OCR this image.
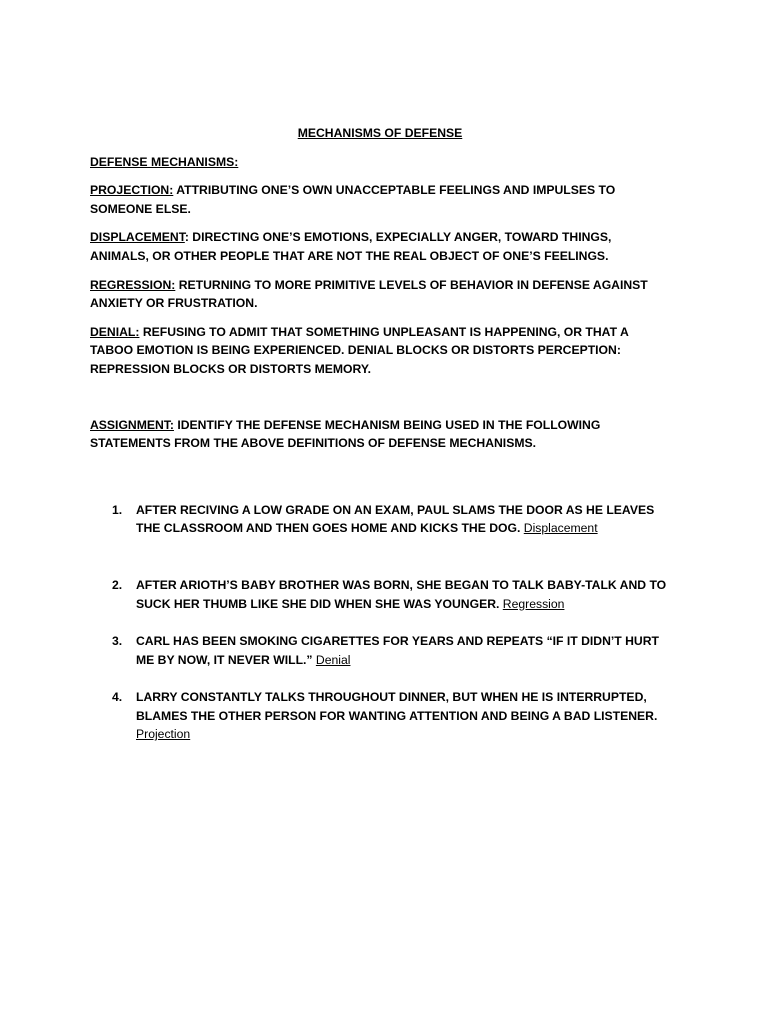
MECHANISMS OF DEFENSE
DEFENSE MECHANISMS:
PROJECTION: ATTRIBUTING ONE’S OWN UNACCEPTABLE FEELINGS AND IMPULSES TO SOMEONE ELSE.
DISPLACEMENT: DIRECTING ONE’S EMOTIONS, EXPECIALLY ANGER, TOWARD THINGS, ANIMALS, OR OTHER PEOPLE THAT ARE NOT THE REAL OBJECT OF ONE’S FEELINGS.
REGRESSION: RETURNING TO MORE PRIMITIVE LEVELS OF BEHAVIOR IN DEFENSE AGAINST ANXIETY OR FRUSTRATION.
DENIAL: REFUSING TO ADMIT THAT SOMETHING UNPLEASANT IS HAPPENING, OR THAT A TABOO EMOTION IS BEING EXPERIENCED. DENIAL BLOCKS OR DISTORTS PERCEPTION: REPRESSION BLOCKS OR DISTORTS MEMORY.
ASSIGNMENT: IDENTIFY THE DEFENSE MECHANISM BEING USED IN THE FOLLOWING STATEMENTS FROM THE ABOVE DEFINITIONS OF DEFENSE MECHANISMS.
1. AFTER RECIVING A LOW GRADE ON AN EXAM, PAUL SLAMS THE DOOR AS HE LEAVES THE CLASSROOM AND THEN GOES HOME AND KICKS THE DOG. Displacement
2. AFTER ARIOTH’S BABY BROTHER WAS BORN, SHE BEGAN TO TALK BABY-TALK AND TO SUCK HER THUMB LIKE SHE DID WHEN SHE WAS YOUNGER. Regression
3. CARL HAS BEEN SMOKING CIGARETTES FOR YEARS AND REPEATS “IF IT DIDN’T HURT ME BY NOW, IT NEVER WILL.” Denial
4. LARRY CONSTANTLY TALKS THROUGHOUT DINNER, BUT WHEN HE IS INTERRUPTED, BLAMES THE OTHER PERSON FOR WANTING ATTENTION AND BEING A BAD LISTENER. Projection
